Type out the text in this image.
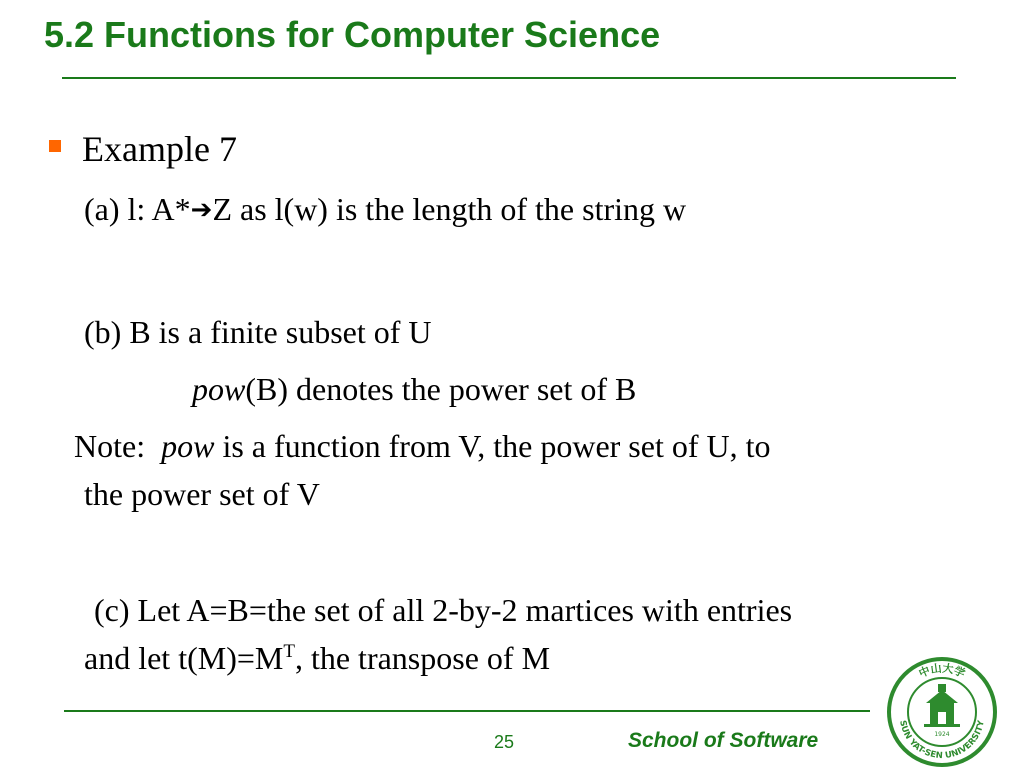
5.2 Functions for Computer Science
Example 7
(a) l: A*➔Z as l(w) is the length of the string w
(b) B is a finite subset of U
pow(B) denotes the power set of B
Note: pow is a function from V, the power set of U, to
the power set of V
(c) Let A=B=the set of all 2-by-2 martices with entries
and let $t(M)=M^T$, the transpose of M
25	School of Software
中山大学
SUN YAT-SEN UNIVERSITY
1924
